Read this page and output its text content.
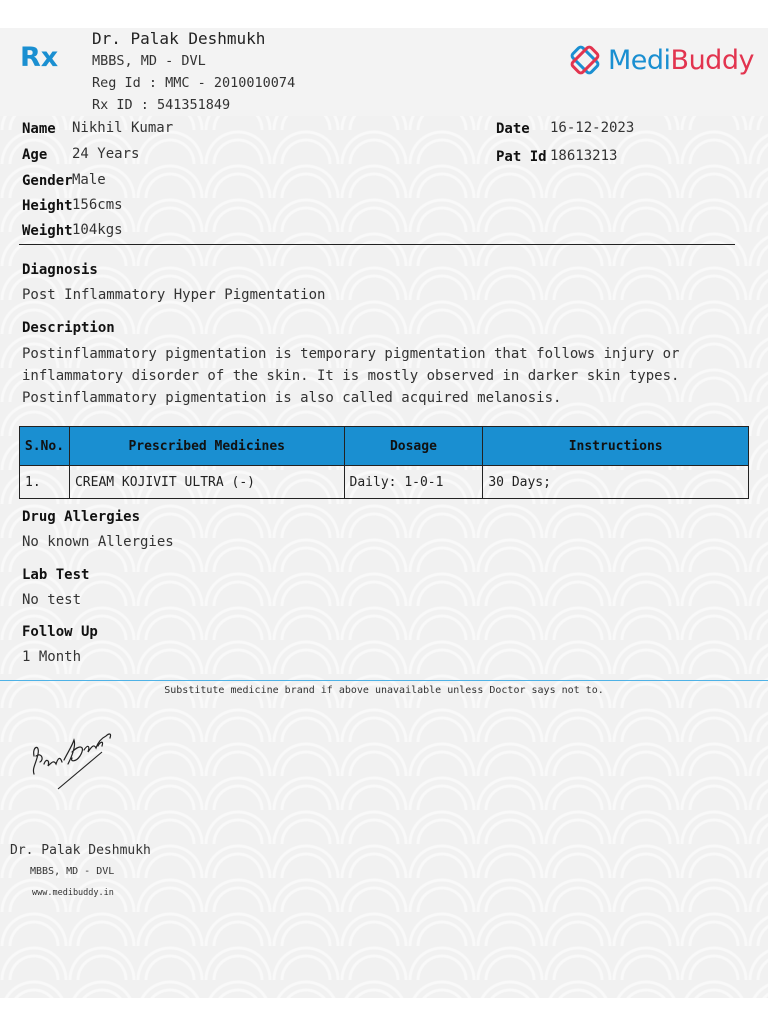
Rx
Dr. Palak Deshmukh
MBBS, MD - DVL
Reg Id : MMC - 2010010074
Rx ID : 541351849
MediBuddy
Name Nikhil Kumar
Age 24 Years
Gender Male
Height 156cms
Weight 104kgs
Date 16-12-2023
Pat Id 18613213
Diagnosis
Post Inflammatory Hyper Pigmentation
Description
Postinflammatory pigmentation is temporary pigmentation that follows injury or inflammatory disorder of the skin. It is mostly observed in darker skin types. Postinflammatory pigmentation is also called acquired melanosis.
S.No.	Prescribed Medicines	Dosage	Instructions
1.	CREAM KOJIVIT ULTRA (-)	Daily: 1-0-1	30 Days;
Drug Allergies
No known Allergies
Lab Test
No test
Follow Up
1 Month
Substitute medicine brand if above unavailable unless Doctor says not to.
Dr. Palak Deshmukh
MBBS, MD - DVL
www.medibuddy.in
